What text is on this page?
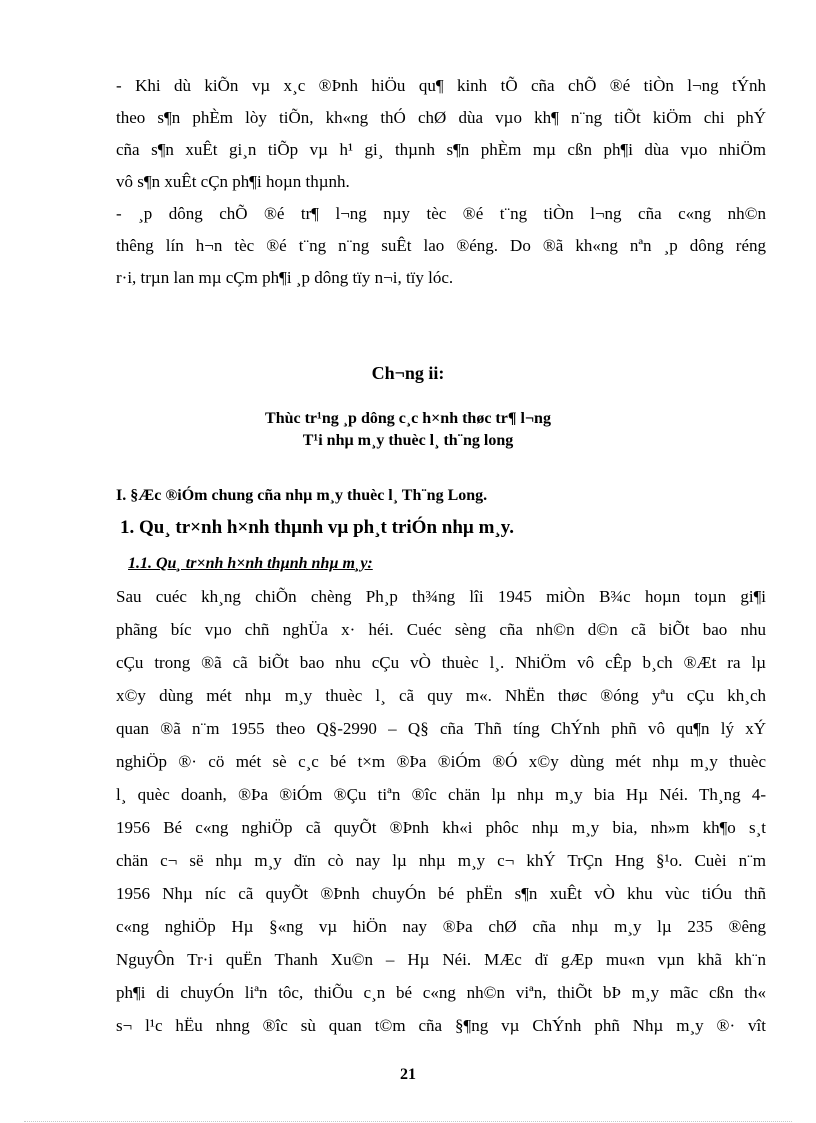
- Khi dù kiÕn vµ x¸c ®Þnh hiÖu qu¶ kinh tÕ cña chÕ ®é tiÒn l¬ng tÝnh
theo s¶n phÈm lòy tiÕn, kh«ng thÓ chØ dùa vµo kh¶ n¨ng tiÕt kiÖm chi phÝ
cña s¶n xuÊt gi¸n tiÕp vµ h¹ gi¸ thµnh s¶n phÈm mµ cßn ph¶i dùa vµo nhiÖm
vô s¶n xuÊt cÇn ph¶i hoµn thµnh.
- ¸p dông chÕ ®é tr¶ l¬ng nµy tèc ®é t¨ng tiÒn l¬ng cña c«ng nh©n
thêng lín h¬n tèc ®é t¨ng n¨ng suÊt lao ®éng. Do ®ã kh«ng nªn ¸p dông réng
r·i, trµn lan mµ cÇm ph¶i ¸p dông tïy n¬i, tïy lóc.
Ch¬ng ii:
Thùc tr¹ng ¸p dông c¸c h×nh thøc tr¶ l¬ng
T¹i nhµ m¸y thuèc l¸ th¨ng long
I. §Æc ®iÓm chung cña nhµ m¸y thuèc l¸ Th¨ng Long.
1. Qu¸ tr×nh h×nh thµnh vµ ph¸t triÓn nhµ m¸y.
1.1. Qu¸ tr×nh h×nh thµnh nhµ m¸y:
Sau cuéc kh¸ng chiÕn chèng Ph¸p th¾ng lîi 1945 miÒn B¾c hoµn toµn gi¶i
phãng bíc vµo chñ nghÜa x· héi. Cuéc sèng cña nh©n d©n cã biÕt bao nhu
cÇu trong ®ã cã biÕt bao nhu cÇu vÒ thuèc l¸. NhiÖm vô cÊp b¸ch ®Æt ra lµ
x©y dùng mét nhµ m¸y thuèc l¸ cã quy m«. NhËn thøc ®óng yªu cÇu kh¸ch
quan ®ã n¨m 1955 theo Q§-2990 – Q§ cña Thñ tíng ChÝnh phñ vô qu¶n lý xÝ
nghiÖp ®· cö mét sè c¸c bé t×m ®Þa ®iÓm ®Ó x©y dùng mét nhµ m¸y thuèc
l¸ quèc doanh, ®Þa ®iÓm ®Çu tiªn ®îc chän lµ nhµ m¸y bia Hµ Néi. Th¸ng 4-
1956 Bé c«ng nghiÖp cã quyÕt ®Þnh kh«i phôc nhµ m¸y bia, nh»m kh¶o s¸t
chän c¬ së nhµ m¸y dïn cò nay lµ nhµ m¸y c¬ khÝ TrÇn Hng §¹o. Cuèi n¨m
1956 Nhµ níc cã quyÕt ®Þnh chuyÓn bé phËn s¶n xuÊt vÒ khu vùc tiÓu thñ
c«ng nghiÖp Hµ §«ng vµ hiÖn nay ®Þa chØ cña nhµ m¸y lµ 235 ®êng
NguyÔn Tr·i quËn Thanh Xu©n – Hµ Néi. MÆc dï gÆp mu«n vµn khã kh¨n
ph¶i di chuyÓn liªn tôc, thiÕu c¸n bé c«ng nh©n viªn, thiÕt bÞ m¸y mãc cßn th«
s¬ l¹c hËu nhng ®îc sù quan t©m cña §¶ng vµ ChÝnh phñ Nhµ m¸y ®· vît
21
